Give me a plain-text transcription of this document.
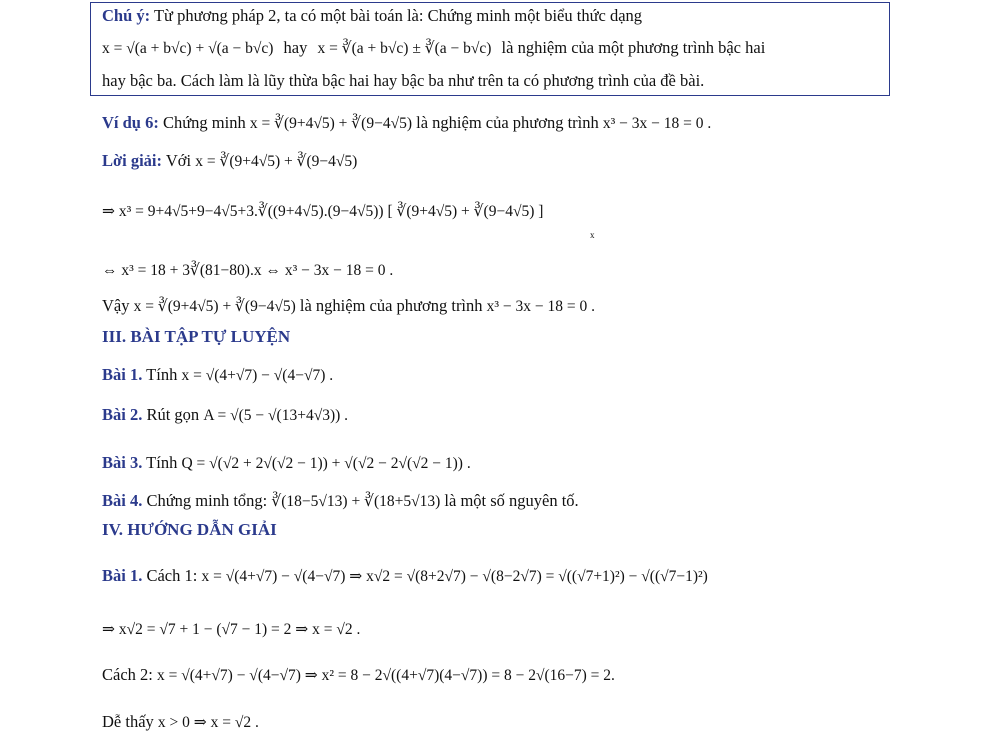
Chú ý: Từ phương pháp 2, ta có một bài toán là: Chứng minh một biểu thức dạng
x = √(a + b√c) + √(a − b√c) hay x = ∛(a + b√c) ± ∛(a − b√c) là nghiệm của một phương trình bậc hai
hay bậc ba. Cách làm là lũy thừa bậc hai hay bậc ba như trên ta có phương trình của đề bài.
Ví dụ 6: Chứng minh x = ∛(9+4√5) + ∛(9−4√5) là nghiệm của phương trình x³ − 3x − 18 = 0 .
Lời giải: Với x = ∛(9+4√5) + ∛(9−4√5)
⇒ x³ = 9+4√5+9−4√5+3.∛((9+4√5).(9−4√5)) [ ∛(9+4√5) + ∛(9−4√5) ]
x
⇔ x³ = 18 + 3∛(81−80).x ⇔ x³ − 3x − 18 = 0 .
Vậy x = ∛(9+4√5) + ∛(9−4√5) là nghiệm của phương trình x³ − 3x − 18 = 0 .
III. BÀI TẬP TỰ LUYỆN
Bài 1. Tính x = √(4+√7) − √(4−√7) .
Bài 2. Rút gọn A = √(5 − √(13+4√3)) .
Bài 3. Tính Q = √(√2 + 2√(√2 − 1)) + √(√2 − 2√(√2 − 1)) .
Bài 4. Chứng minh tổng: ∛(18−5√13) + ∛(18+5√13) là một số nguyên tố.
IV. HƯỚNG DẪN GIẢI
Bài 1. Cách 1: x = √(4+√7) − √(4−√7) ⇒ x√2 = √(8+2√7) − √(8−2√7) = √((√7+1)²) − √((√7−1)²)
⇒ x√2 = √7 + 1 − (√7 − 1) = 2 ⇒ x = √2 .
Cách 2: x = √(4+√7) − √(4−√7) ⇒ x² = 8 − 2√((4+√7)(4−√7)) = 8 − 2√(16−7) = 2.
Dễ thấy x > 0 ⇒ x = √2 .
